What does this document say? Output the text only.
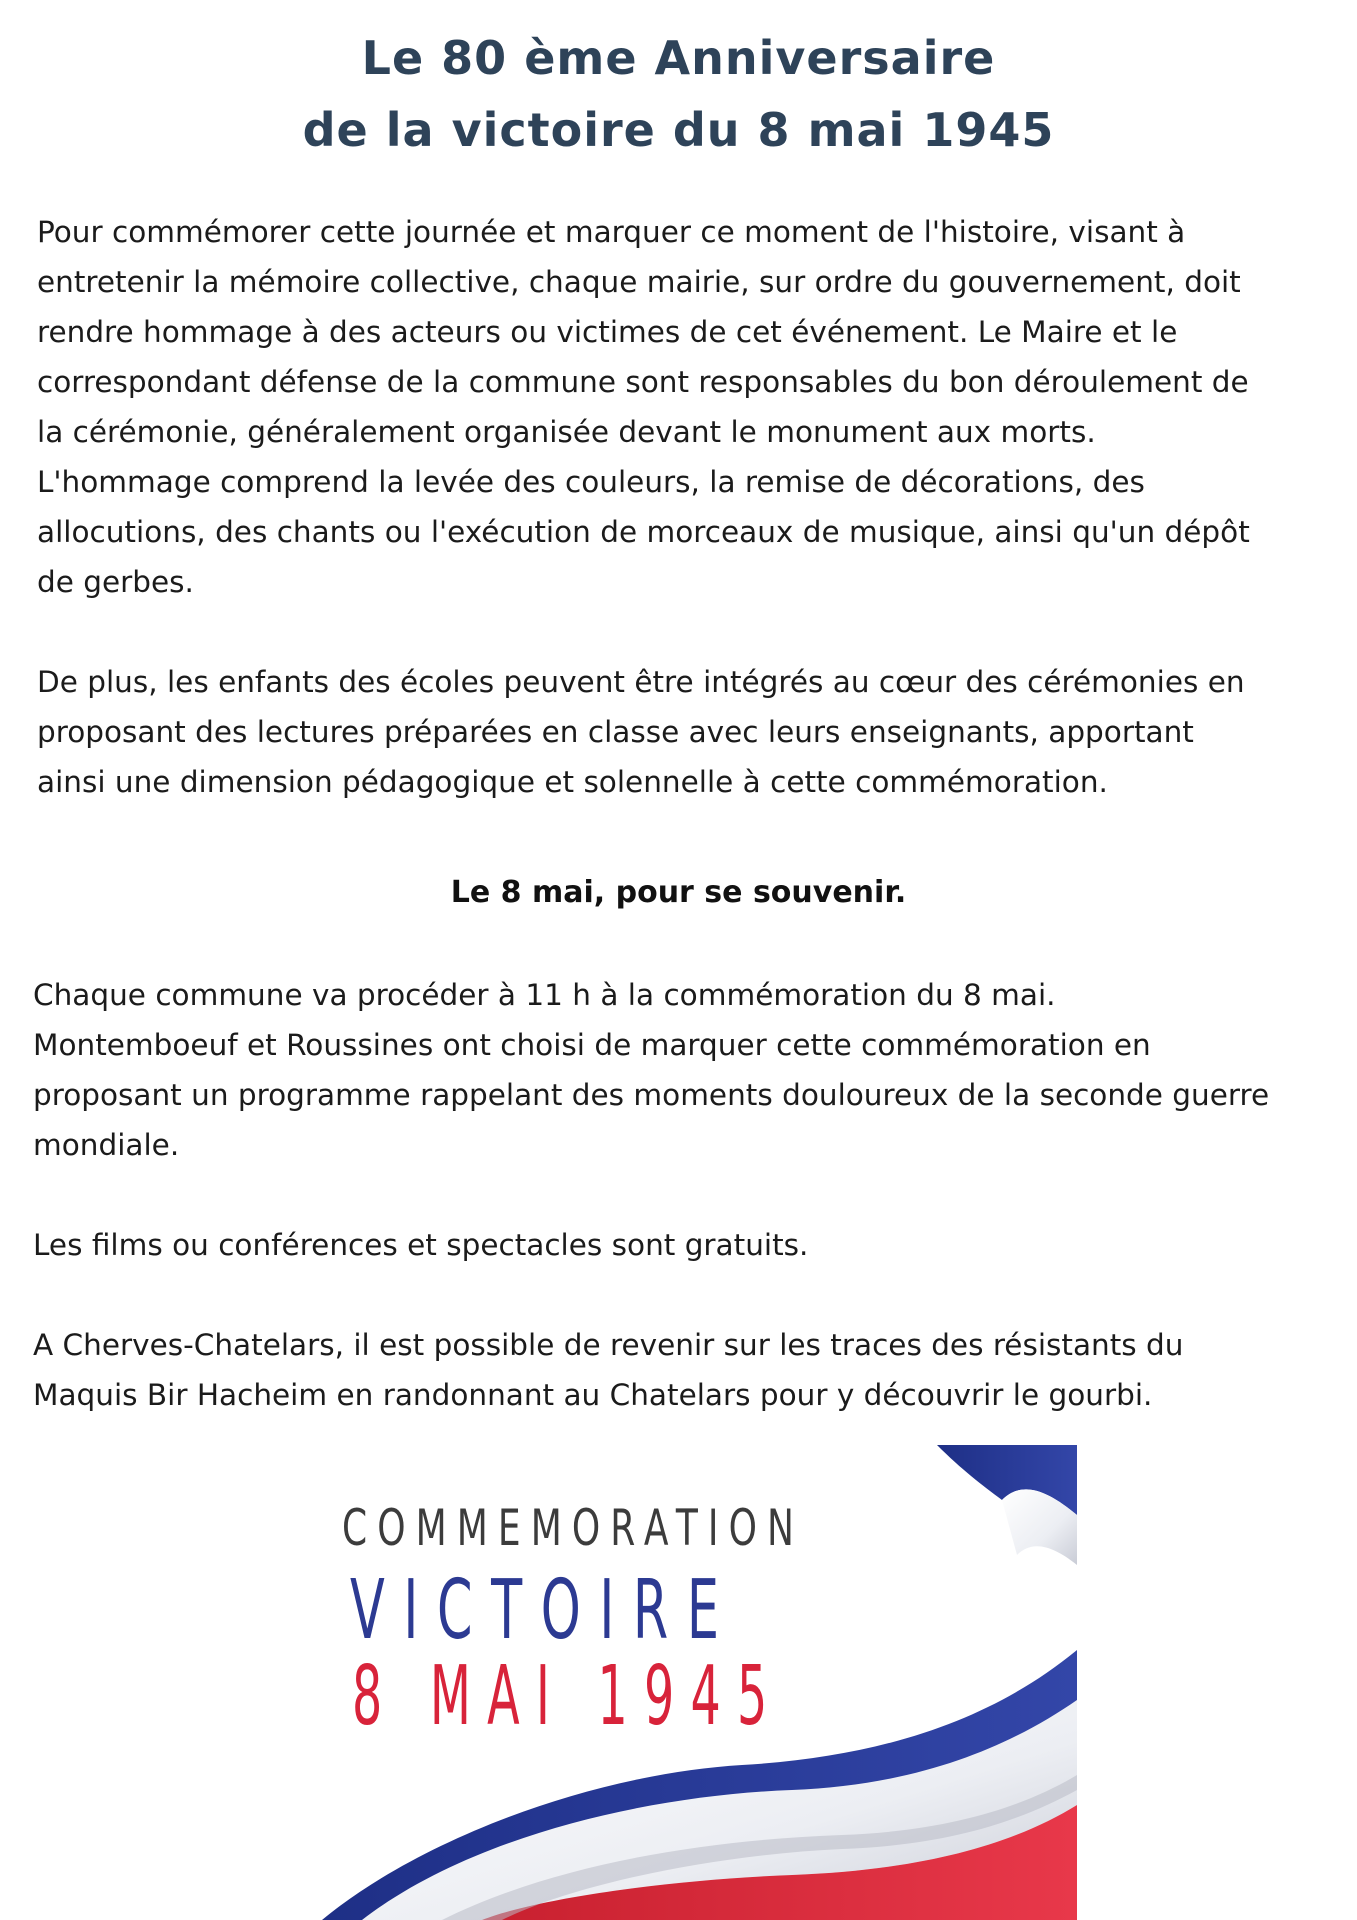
Le 80 ème Anniversaire
de la victoire du 8 mai 1945
Pour commémorer cette journée et marquer ce moment de l'histoire, visant à
entretenir la mémoire collective, chaque mairie, sur ordre du gouvernement, doit
rendre hommage à des acteurs ou victimes de cet événement. Le Maire et le
correspondant défense de la commune sont responsables du bon déroulement de
la cérémonie, généralement organisée devant le monument aux morts.
L'hommage comprend la levée des couleurs, la remise de décorations, des
allocutions, des chants ou l'exécution de morceaux de musique, ainsi qu'un dépôt
de gerbes.
De plus, les enfants des écoles peuvent être intégrés au cœur des cérémonies en
proposant des lectures préparées en classe avec leurs enseignants, apportant
ainsi une dimension pédagogique et solennelle à cette commémoration.
Le 8 mai, pour se souvenir.
Chaque commune va procéder à 11 h à la commémoration du 8 mai.
Montemboeuf et Roussines ont choisi de marquer cette commémoration en
proposant un programme rappelant des moments douloureux de la seconde guerre
mondiale.
Les films ou conférences et spectacles sont gratuits.
A Cherves-Chatelars, il est possible de revenir sur les traces des résistants du
Maquis Bir Hacheim en randonnant au Chatelars pour y découvrir le gourbi.
COMMEMORATION
VICTOIRE
8 MAI 1945
